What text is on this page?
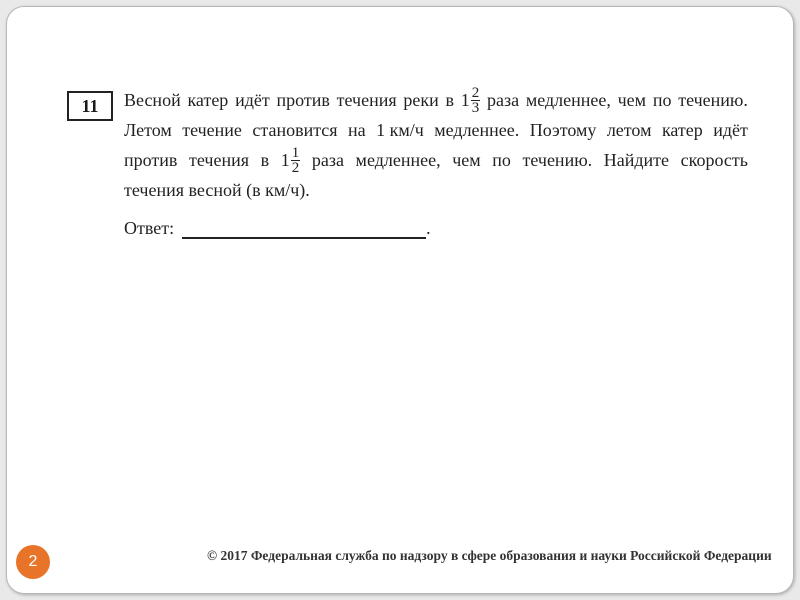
11 Весной катер идёт против течения реки в $1 \frac{2}{3}$ раза медленнее, чем по течению.
Летом течение становится на 1 км/ч медленнее. Поэтому летом катер идёт
против течения в $1 \frac{1}{2}$ раза медленнее, чем по течению. Найдите скорость
течения весной (в км/ч).
Ответ:	.
© 2017 Федеральная служба по надзору в сфере образования и науки Российской Федерации
2
